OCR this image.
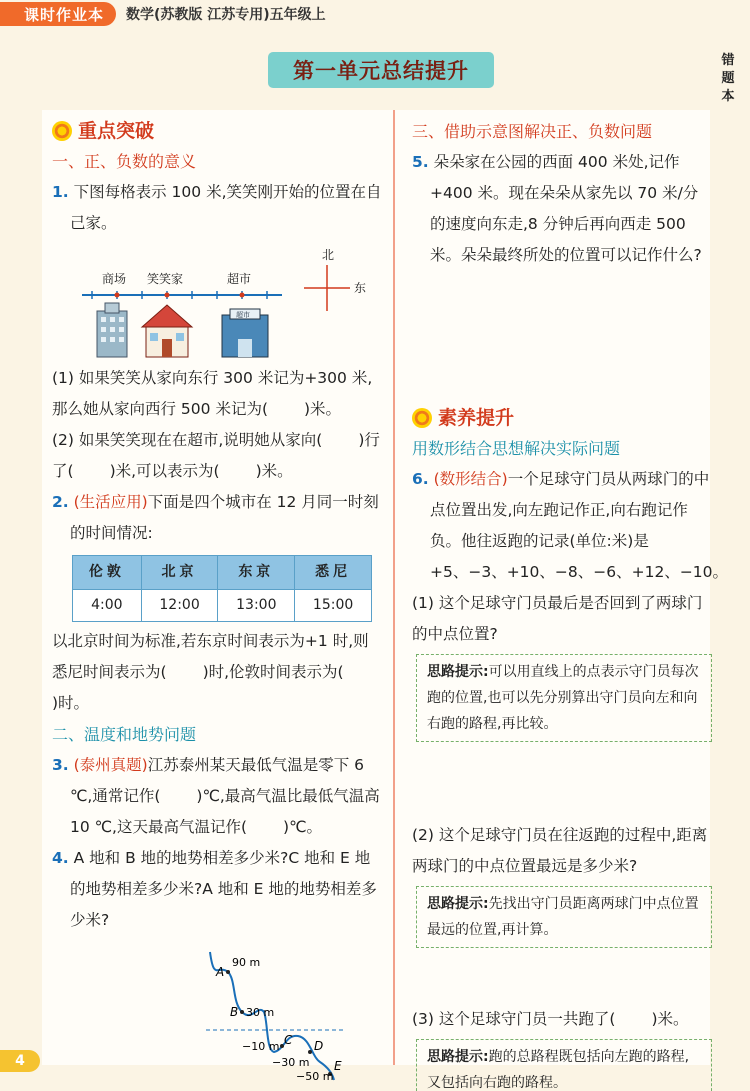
课时作业本	数学(苏教版 江苏专用)五年级上
第一单元总结提升	错
题
本
重点突破
一、正、负数的意义
1. 下图每格表示 100 米,笑笑刚开始的位置在自己家。
商场 笑笑家	超市
北
东
超市
(1) 如果笑笑从家向东行 300 米记为+300 米,那么她从家向西行 500 米记为( )米。
(2) 如果笑笑现在在超市,说明她从家向( )行了( )米,可以表示为( )米。
2. (生活应用)下面是四个城市在 12 月同一时刻的时间情况:
伦敦	北京	东京	悉尼
4:00	12:00	13:00	15:00
以北京时间为标准,若东京时间表示为+1 时,则悉尼时间表示为( )时,伦敦时间表示为()时。
二、温度和地势问题
3. (泰州真题)江苏泰州某天最低气温是零下 6 ℃,通常记作( )℃,最高气温比最低气温高 10 ℃,这天最高气温记作( )℃。
4. A 地和 B 地的地势相差多少米?C 地和 E 地的地势相差多少米?A 地和 E 地的地势相差多少米?
A
90 m
B 30 m
C
−10 m	D
−30 m E
−50 m
三、借助示意图解决正、负数问题
5. 朵朵家在公园的西面 400 米处,记作+400 米。现在朵朵从家先以 70 米/分的速度向东走,8 分钟后再向西走 500 米。朵朵最终所处的位置可以记作什么?
素养提升
用数形结合思想解决实际问题
6. (数形结合)一个足球守门员从两球门的中点位置出发,向左跑记作正,向右跑记作负。他往返跑的记录(单位:米)是+5、−3、+10、−8、−6、+12、−10。
(1) 这个足球守门员最后是否回到了两球门的中点位置?
思路提示:可以用直线上的点表示守门员每次跑的位置,也可以先分别算出守门员向左和向右跑的路程,再比较。
(2) 这个足球守门员在往返跑的过程中,距离两球门的中点位置最远是多少米?
思路提示:先找出守门员距离两球门中点位置最远的位置,再计算。
(3) 这个足球守门员一共跑了( )米。
思路提示:跑的总路程既包括向左跑的路程,又包括向右跑的路程。
4
